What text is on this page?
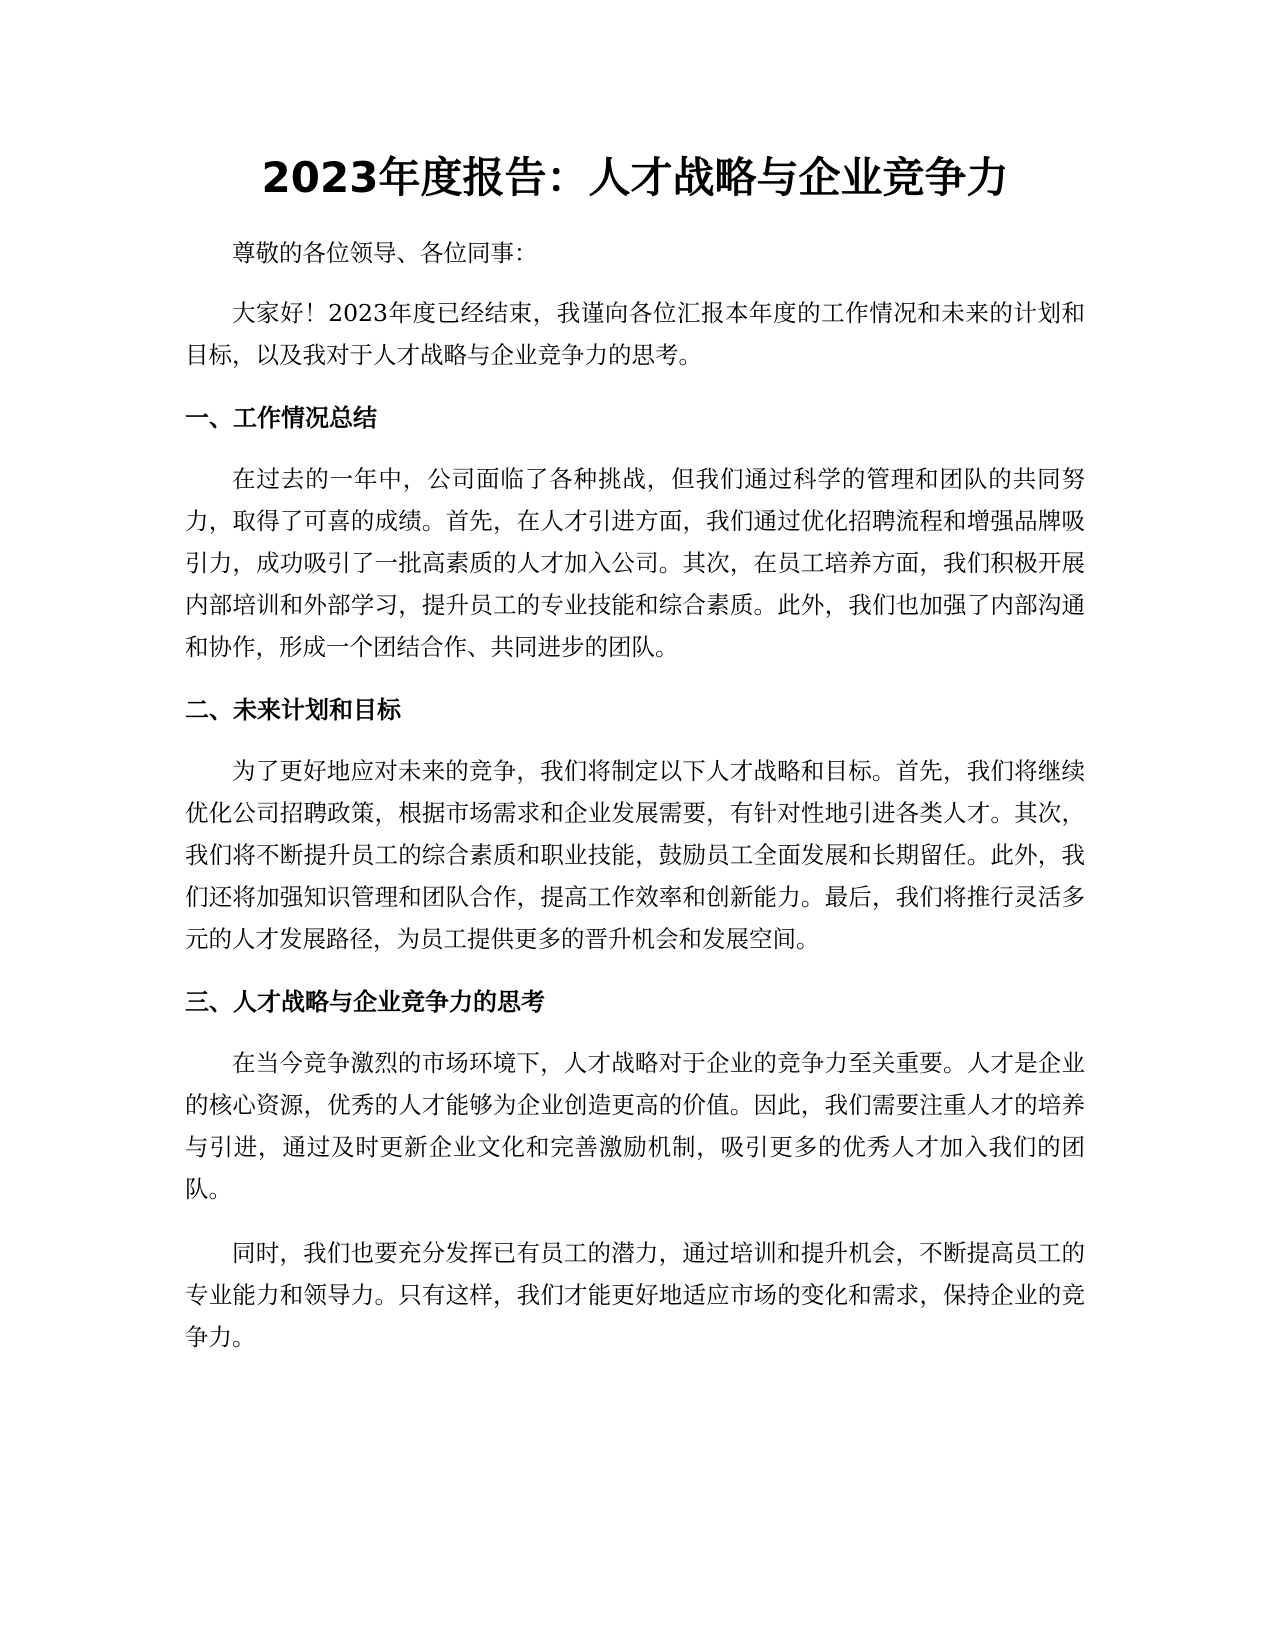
2023年度报告：人才战略与企业竞争力

尊敬的各位领导、各位同事：

大家好！2023年度已经结束，我谨向各位汇报本年度的工作情况和未来的计划和目标，以及我对于人才战略与企业竞争力的思考。

一、工作情况总结

在过去的一年中，公司面临了各种挑战，但我们通过科学的管理和团队的共同努力，取得了可喜的成绩。首先，在人才引进方面，我们通过优化招聘流程和增强品牌吸引力，成功吸引了一批高素质的人才加入公司。其次，在员工培养方面，我们积极开展内部培训和外部学习，提升员工的专业技能和综合素质。此外，我们也加强了内部沟通和协作，形成一个团结合作、共同进步的团队。

二、未来计划和目标

为了更好地应对未来的竞争，我们将制定以下人才战略和目标。首先，我们将继续优化公司招聘政策，根据市场需求和企业发展需要，有针对性地引进各类人才。其次，我们将不断提升员工的综合素质和职业技能，鼓励员工全面发展和长期留任。此外，我们还将加强知识管理和团队合作，提高工作效率和创新能力。最后，我们将推行灵活多元的人才发展路径，为员工提供更多的晋升机会和发展空间。

三、人才战略与企业竞争力的思考

在当今竞争激烈的市场环境下，人才战略对于企业的竞争力至关重要。人才是企业的核心资源，优秀的人才能够为企业创造更高的价值。因此，我们需要注重人才的培养与引进，通过及时更新企业文化和完善激励机制，吸引更多的优秀人才加入我们的团队。

同时，我们也要充分发挥已有员工的潜力，通过培训和提升机会，不断提高员工的专业能力和领导力。只有这样，我们才能更好地适应市场的变化和需求，保持企业的竞争力。
